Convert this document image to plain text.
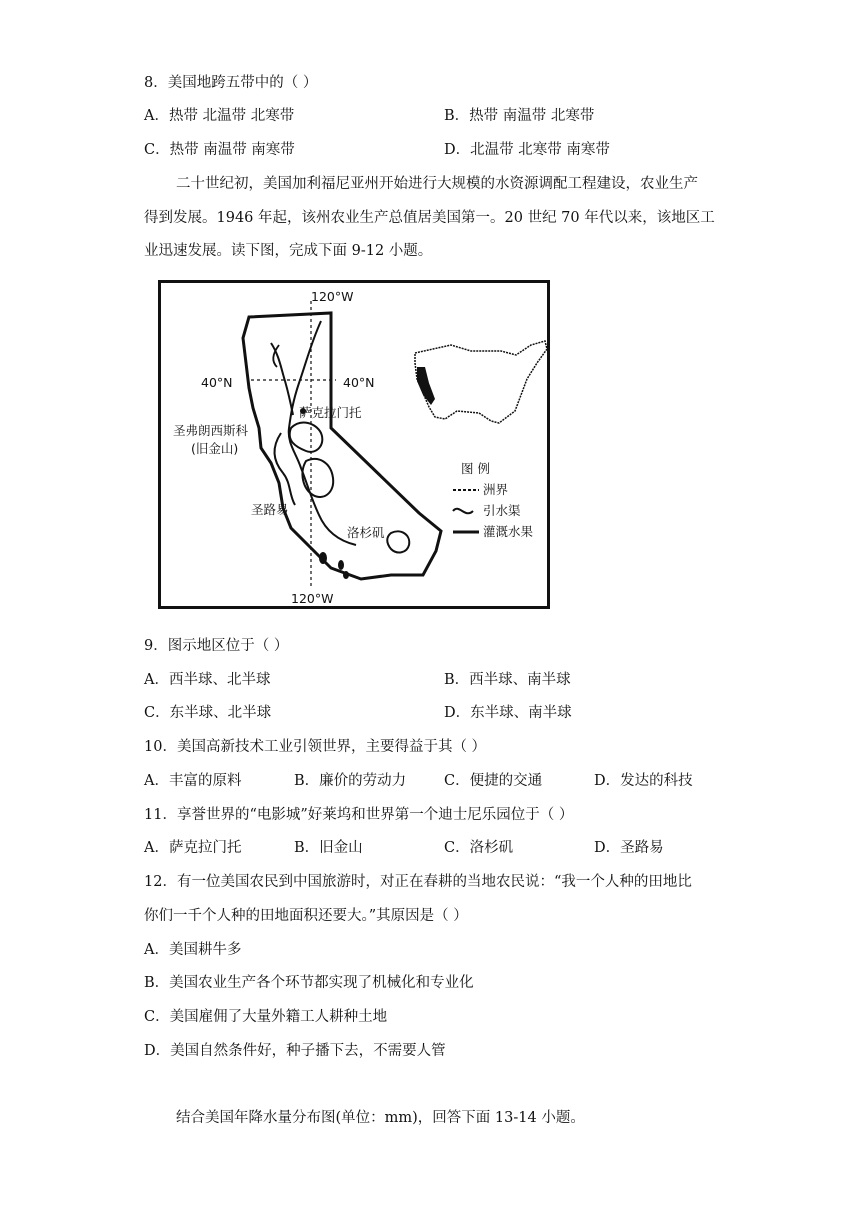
8．美国地跨五带中的（ ）
A．热带 北温带 北寒带	B．热带 南温带 北寒带
C．热带 南温带 南寒带	D．北温带 北寒带 南寒带
二十世纪初，美国加利福尼亚州开始进行大规模的水资源调配工程建设，农业生产
得到发展。1946 年起，该州农业生产总值居美国第一。20 世纪 70 年代以来，该地区工
业迅速发展。读下图，完成下面 9-12 小题。
120°W
120°W
40°N	40°N
萨克拉门托
圣弗朗西斯科
(旧金山)
圣路易
洛杉矶
图 例
洲界
引水渠
灌溉水果
9．图示地区位于（ ）
A．西半球、北半球	B．西半球、南半球
C．东半球、北半球	D．东半球、南半球
10．美国高新技术工业引领世界，主要得益于其（ ）
A．丰富的原料	B．廉价的劳动力	C．便捷的交通	D．发达的科技
11．享誉世界的“电影城”好莱坞和世界第一个迪士尼乐园位于（ ）
A．萨克拉门托	B．旧金山	C．洛杉矶	D．圣路易
12．有一位美国农民到中国旅游时，对正在春耕的当地农民说：“我一个人种的田地比
你们一千个人种的田地面积还要大。”其原因是（ ）
A．美国耕牛多
B．美国农业生产各个环节都实现了机械化和专业化
C．美国雇佣了大量外籍工人耕种土地
D．美国自然条件好，种子播下去，不需要人管
结合美国年降水量分布图(单位：mm)，回答下面 13-14 小题。
